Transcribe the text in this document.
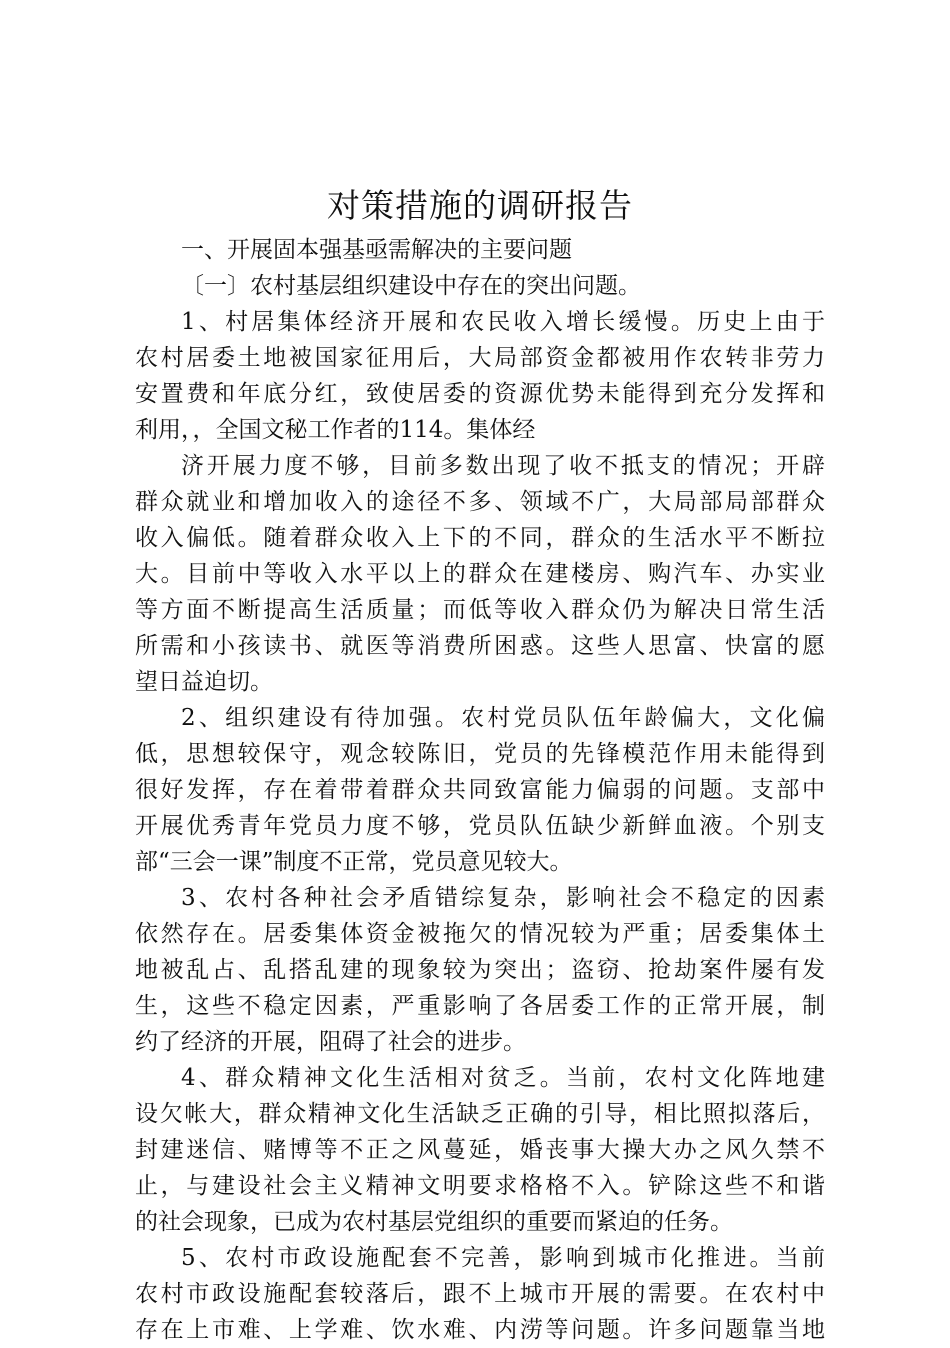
对策措施的调研报告
一、开展固本强基亟需解决的主要问题
〔一〕农村基层组织建设中存在的突出问题。
1、村居集体经济开展和农民收入增长缓慢。历史上由于
农村居委土地被国家征用后，大局部资金都被用作农转非劳力
安置费和年底分红，致使居委的资源优势未能得到充分发挥和
利用，，全国文秘工作者的114。集体经
济开展力度不够，目前多数出现了收不抵支的情况；开辟
群众就业和增加收入的途径不多、领域不广，大局部局部群众
收入偏低。随着群众收入上下的不同，群众的生活水平不断拉
大。目前中等收入水平以上的群众在建楼房、购汽车、办实业
等方面不断提高生活质量；而低等收入群众仍为解决日常生活
所需和小孩读书、就医等消费所困惑。这些人思富、快富的愿
望日益迫切。
2、组织建设有待加强。农村党员队伍年龄偏大，文化偏
低，思想较保守，观念较陈旧，党员的先锋模范作用未能得到
很好发挥，存在着带着群众共同致富能力偏弱的问题。支部中
开展优秀青年党员力度不够，党员队伍缺少新鲜血液。个别支
部“三会一课”制度不正常，党员意见较大。
3、农村各种社会矛盾错综复杂，影响社会不稳定的因素
依然存在。居委集体资金被拖欠的情况较为严重；居委集体土
地被乱占、乱搭乱建的现象较为突出；盗窃、抢劫案件屡有发
生，这些不稳定因素，严重影响了各居委工作的正常开展，制
约了经济的开展，阻碍了社会的进步。
4、群众精神文化生活相对贫乏。当前，农村文化阵地建
设欠帐大，群众精神文化生活缺乏正确的引导，相比照拟落后，
封建迷信、赌博等不正之风蔓延，婚丧事大操大办之风久禁不
止，与建设社会主义精神文明要求格格不入。铲除这些不和谐
的社会现象，已成为农村基层党组织的重要而紧迫的任务。
5、农村市政设施配套不完善，影响到城市化推进。当前
农村市政设施配套较落后，跟不上城市开展的需要。在农村中
存在上市难、上学难、饮水难、内涝等问题。许多问题靠当地
